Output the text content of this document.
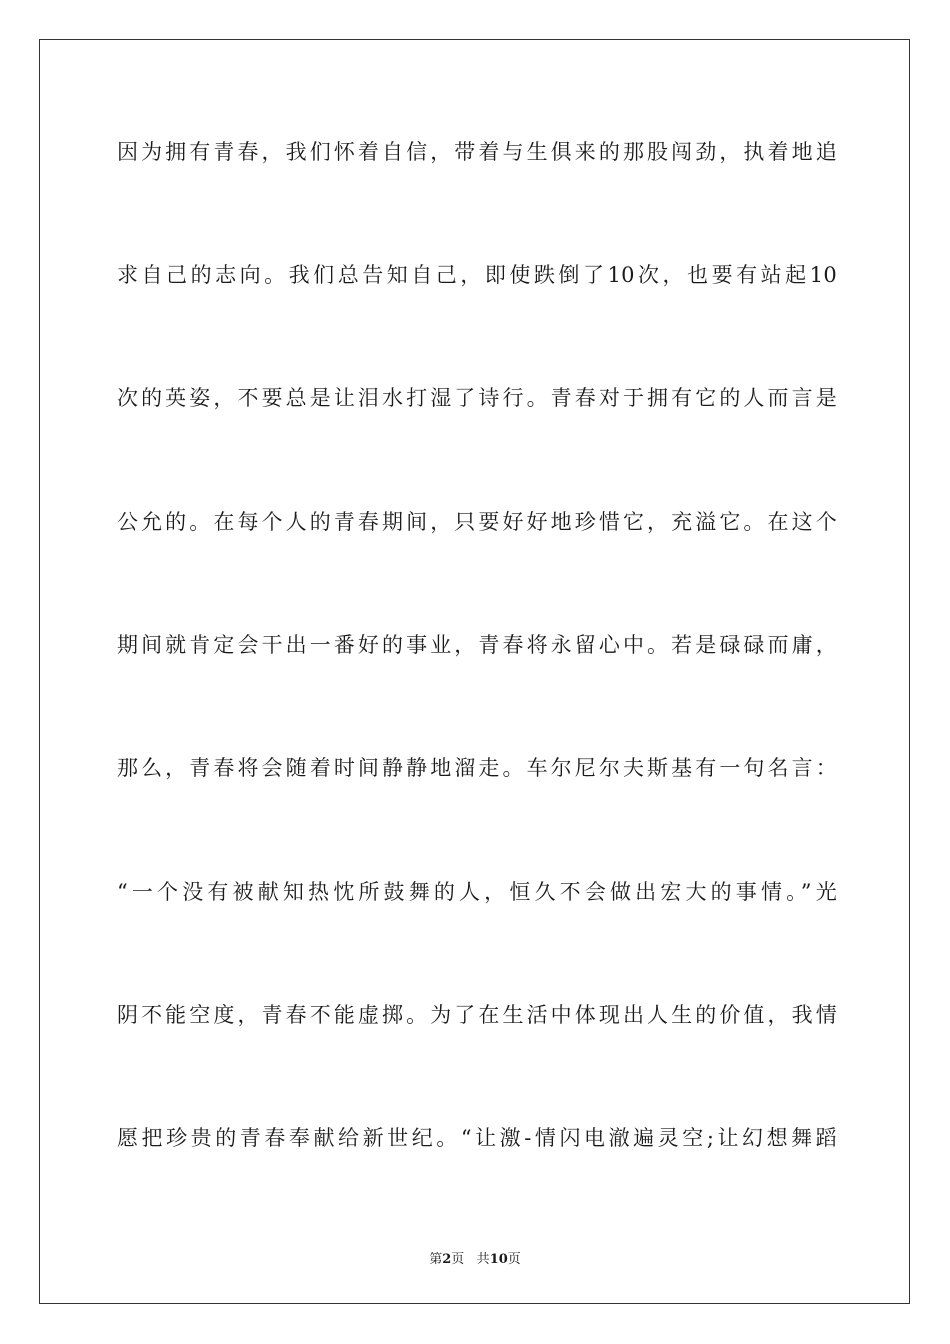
因为拥有青春，我们怀着自信，带着与生俱来的那股闯劲，执着地追
求自己的志向。我们总告知自己，即使跌倒了10次，也要有站起10
次的英姿，不要总是让泪水打湿了诗行。青春对于拥有它的人而言是
公允的。在每个人的青春期间，只要好好地珍惜它，充溢它。在这个
期间就肯定会干出一番好的事业，青春将永留心中。若是碌碌而庸，
那么，青春将会随着时间静静地溜走。车尔尼尔夫斯基有一句名言：
“一个没有被献知热忱所鼓舞的人，恒久不会做出宏大的事情。”光
阴不能空度，青春不能虚掷。为了在生活中体现出人生的价值，我情
愿把珍贵的青春奉献给新世纪。“让激-情闪电澈遍灵空;让幻想舞蹈
第2页 共10页
